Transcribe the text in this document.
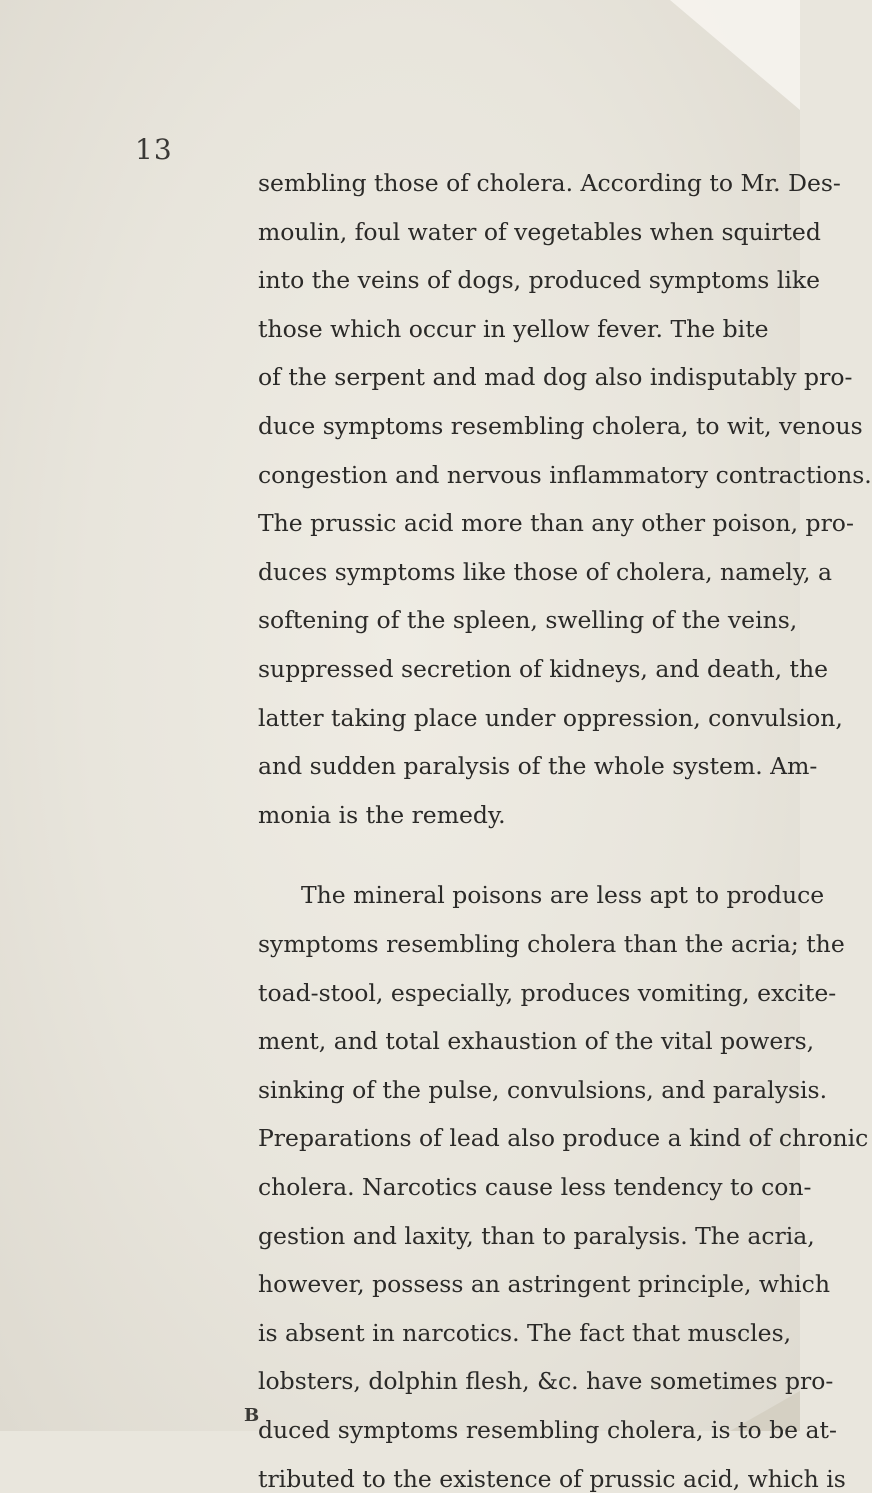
13
sembling those of cholera. According to Mr. Des-
moulin, foul water of vegetables when squirted
into the veins of dogs, produced symptoms like
those which occur in yellow fever. The bite
of the serpent and mad dog also indisputably pro-
duce symptoms resembling cholera, to wit, venous
congestion and nervous inflammatory contractions.
The prussic acid more than any other poison, pro-
duces symptoms like those of cholera, namely, a
softening of the spleen, swelling of the veins,
suppressed secretion of kidneys, and death, the
latter taking place under oppression, convulsion,
and sudden paralysis of the whole system. Am-
monia is the remedy.
The mineral poisons are less apt to produce
symptoms resembling cholera than the acria; the
toad-stool, especially, produces vomiting, excite-
ment, and total exhaustion of the vital powers,
sinking of the pulse, convulsions, and paralysis.
Preparations of lead also produce a kind of chronic
cholera. Narcotics cause less tendency to con-
gestion and laxity, than to paralysis. The acria,
however, possess an astringent principle, which
is absent in narcotics. The fact that muscles,
lobsters, dolphin flesh, &c. have sometimes pro-
duced symptoms resembling cholera, is to be at-
tributed to the existence of prussic acid, which is
B
